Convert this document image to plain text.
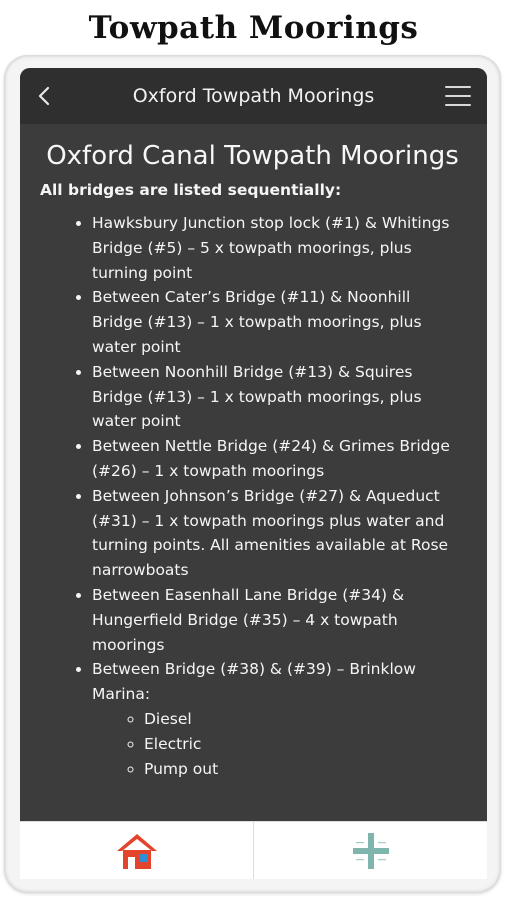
Towpath Moorings
Oxford Towpath Moorings
Oxford Canal Towpath Moorings
All bridges are listed sequentially:
• Hawksbury Junction stop lock (#1) & Whitings Bridge (#5) – 5 x towpath moorings, plus turning point
• Between Cater’s Bridge (#11) & Noonhill Bridge (#13) – 1 x towpath moorings, plus water point
• Between Noonhill Bridge (#13) & Squires Bridge (#13) – 1 x towpath moorings, plus water point
• Between Nettle Bridge (#24) & Grimes Bridge (#26) – 1 x towpath moorings
• Between Johnson’s Bridge (#27) & Aqueduct (#31) – 1 x towpath moorings plus water and turning points. All amenities available at Rose narrowboats
• Between Easenhall Lane Bridge (#34) & Hungerfield Bridge (#35) – 4 x towpath moorings
• Between Bridge (#38) & (#39) – Brinklow Marina:
◦ Diesel
◦ Electric
◦ Pump out
